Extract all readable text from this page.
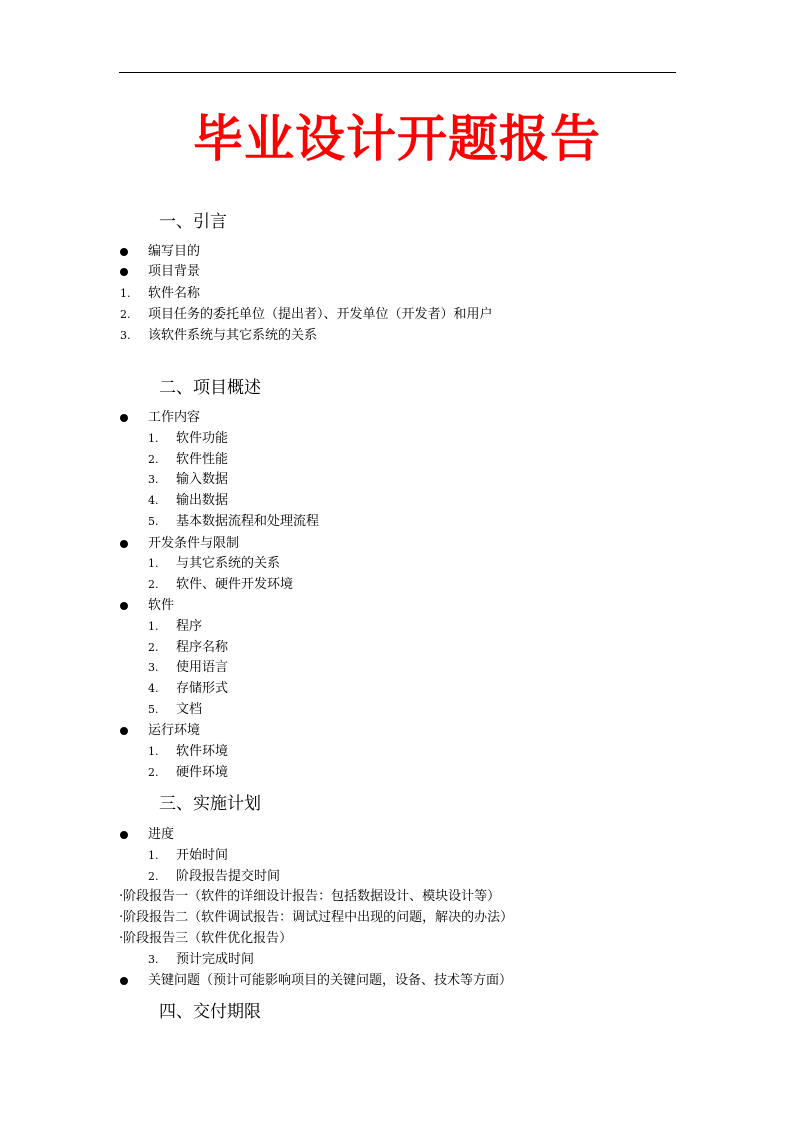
毕业设计开题报告
一、引言
编写目的
项目背景
1. 软件名称
2. 项目任务的委托单位（提出者）、开发单位（开发者）和用户
3. 该软件系统与其它系统的关系
二、项目概述
工作内容
1. 软件功能
2. 软件性能
3. 输入数据
4. 输出数据
5. 基本数据流程和处理流程
开发条件与限制
1. 与其它系统的关系
2. 软件、硬件开发环境
软件
1. 程序
2. 程序名称
3. 使用语言
4. 存储形式
5. 文档
运行环境
1. 软件环境
2. 硬件环境
三、实施计划
进度
1. 开始时间
2. 阶段报告提交时间
·阶段报告一（软件的详细设计报告：包括数据设计、模块设计等）
·阶段报告二（软件调试报告：调试过程中出现的问题，解决的办法）
·阶段报告三（软件优化报告）
3. 预计完成时间
关键问题（预计可能影响项目的关键问题，设备、技术等方面）
四、交付期限
